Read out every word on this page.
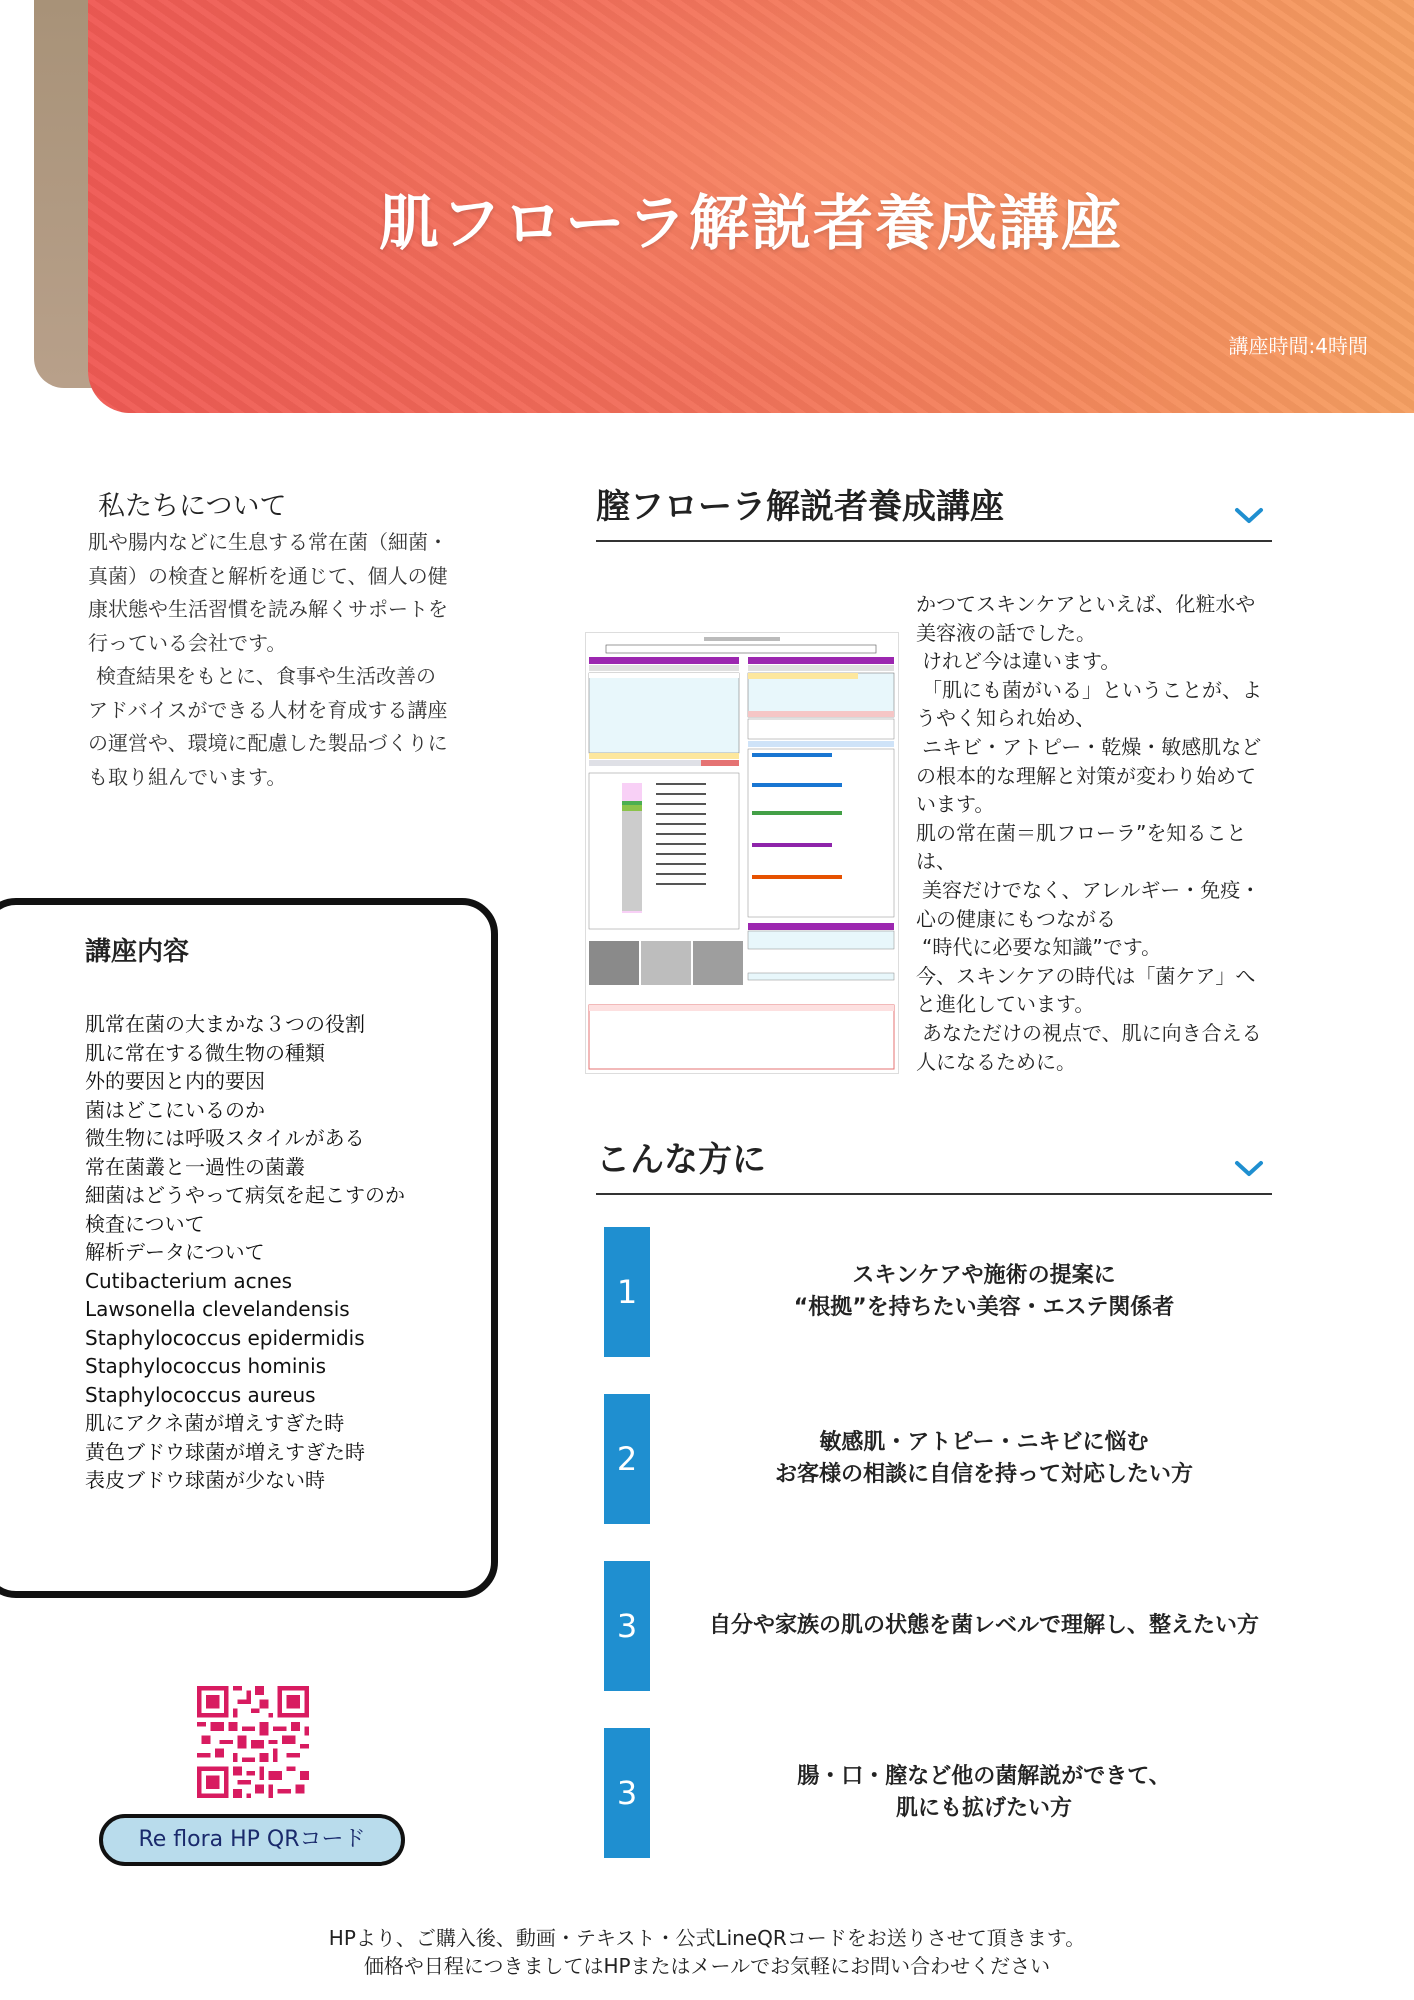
肌フローラ解説者養成講座
講座時間:4時間
私たちについて

肌や腸内などに生息する常在菌（細菌・真菌）の検査と解析を通じて、個人の健康状態や生活習慣を読み解くサポートを行っている会社です。

検査結果をもとに、食事や生活改善のアドバイスができる人材を育成する講座の運営や、環境に配慮した製品づくりにも取り組んでいます。

講座内容
肌常在菌の大まかな３つの役割
肌に常在する微生物の種類
外的要因と内的要因
菌はどこにいるのか
微生物には呼吸スタイルがある
常在菌叢と一過性の菌叢
細菌はどうやって病気を起こすのか
検査について
解析データについて
Cutibacterium acnes
Lawsonella clevelandensis
Staphylococcus epidermidis
Staphylococcus hominis
Staphylococcus aureus
肌にアクネ菌が増えすぎた時
黄色ブドウ球菌が増えすぎた時
表皮ブドウ球菌が少ない時
Re flora HP QRコード
膣フローラ解説者養成講座

かつてスキンケアといえば、化粧水や美容液の話でした。

けれど今は違います。

「肌にも菌がいる」ということが、ようやく知られ始め、

ニキビ・アトピー・乾燥・敏感肌などの根本的な理解と対策が変わり始めています。

肌の常在菌＝肌フローラ”を知ることは、

美容だけでなく、アレルギー・免疫・心の健康にもつながる

“時代に必要な知識”です。

今、スキンケアの時代は「菌ケア」へと進化しています。

あなただけの視点で、肌に向き合える人になるために。

こんな方に
1	スキンケアや施術の提案に
“根拠”を持ちたい美容・エステ関係者
2	敏感肌・アトピー・ニキビに悩む
お客様の相談に自信を持って対応したい方
3	自分や家族の肌の状態を菌レベルで理解し、整えたい方
3	腸・口・膣など他の菌解説ができて、
肌にも拡げたい方

HPより、ご購入後、動画・テキスト・公式LineQRコードをお送りさせて頂きます。

価格や日程につきましてはHPまたはメールでお気軽にお問い合わせください
